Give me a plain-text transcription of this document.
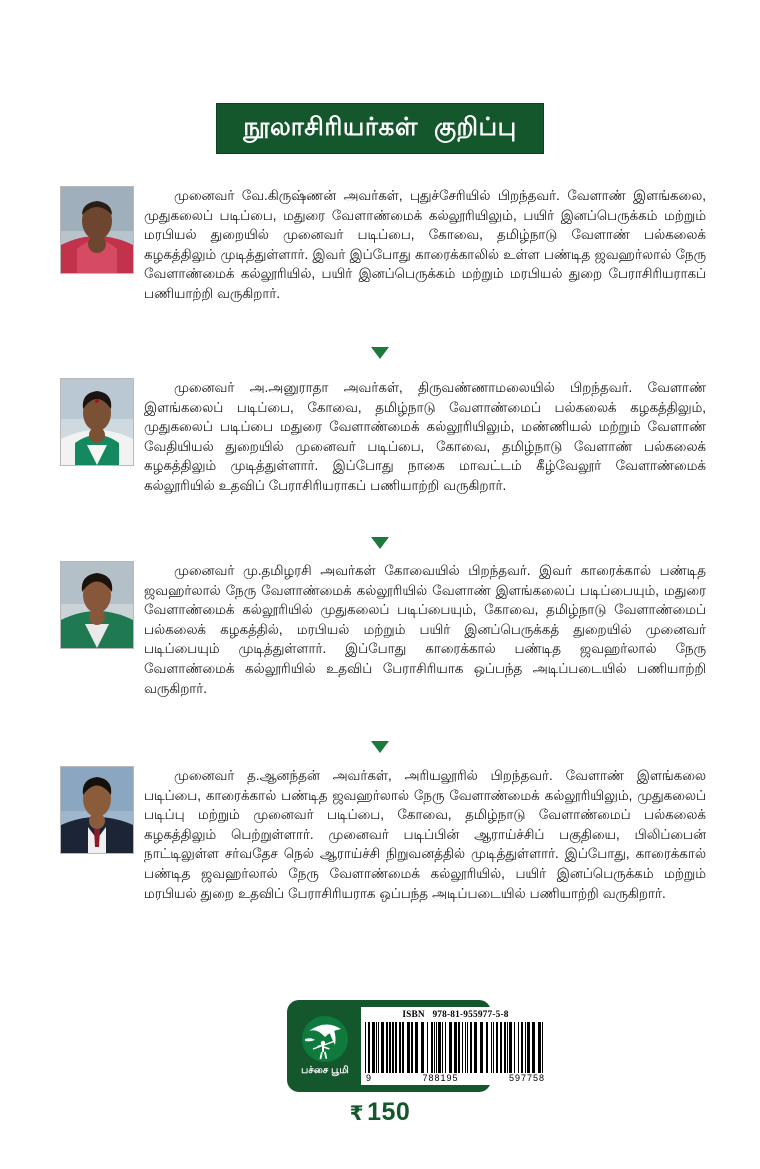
நூலாசிரியர்கள் குறிப்பு
முனைவர் வே.கிருஷ்ணன் அவர்கள், புதுச்சேரியில் பிறந்தவர். வேளாண் இளங்கலை, முதுகலைப் படிப்பை, மதுரை வேளாண்மைக் கல்லூரியிலும், பயிர் இனப்பெருக்கம் மற்றும் மரபியல் துறையில் முனைவர் படிப்பை, கோவை, தமிழ்நாடு வேளாண் பல்கலைக் கழகத்திலும் முடித்துள்ளார். இவர் இப்போது காரைக்காலில் உள்ள பண்டித ஜவஹர்லால் நேரு வேளாண்மைக் கல்லூரியில், பயிர் இனப்பெருக்கம் மற்றும் மரபியல் துறை பேராசிரியராகப் பணியாற்றி வருகிறார்.
முனைவர் அ.அனுராதா அவர்கள், திருவண்ணாமலையில் பிறந்தவர். வேளாண் இளங்கலைப் படிப்பை, கோவை, தமிழ்நாடு வேளாண்மைப் பல்கலைக் கழகத்திலும், முதுகலைப் படிப்பை மதுரை வேளாண்மைக் கல்லூரியிலும், மண்ணியல் மற்றும் வேளாண் வேதியியல் துறையில் முனைவர் படிப்பை, கோவை, தமிழ்நாடு வேளாண் பல்கலைக் கழகத்திலும் முடித்துள்ளார். இப்போது நாகை மாவட்டம் கீழ்வேலூர் வேளாண்மைக் கல்லூரியில் உதவிப் பேராசிரியராகப் பணியாற்றி வருகிறார்.
முனைவர் மு.தமிழரசி அவர்கள் கோவையில் பிறந்தவர். இவர் காரைக்கால் பண்டித ஜவஹர்லால் நேரு வேளாண்மைக் கல்லூரியில் வேளாண் இளங்கலைப் படிப்பையும், மதுரை வேளாண்மைக் கல்லூரியில் முதுகலைப் படிப்பையும், கோவை, தமிழ்நாடு வேளாண்மைப் பல்கலைக் கழகத்தில், மரபியல் மற்றும் பயிர் இனப்பெருக்கத் துறையில் முனைவர் படிப்பையும் முடித்துள்ளார். இப்போது காரைக்கால் பண்டித ஜவஹர்லால் நேரு வேளாண்மைக் கல்லூரியில் உதவிப் பேராசிரியாக ஒப்பந்த அடிப்படையில் பணியாற்றி வருகிறார்.
முனைவர் த.ஆனந்தன் அவர்கள், அரியலூரில் பிறந்தவர். வேளாண் இளங்கலை படிப்பை, காரைக்கால் பண்டித ஜவஹர்லால் நேரு வேளாண்மைக் கல்லூரியிலும், முதுகலைப் படிப்பு மற்றும் முனைவர் படிப்பை, கோவை, தமிழ்நாடு வேளாண்மைப் பல்கலைக் கழகத்திலும் பெற்றுள்ளார். முனைவர் படிப்பின் ஆராய்ச்சிப் பகுதியை, பிலிப்பைன் நாட்டிலுள்ள சர்வதேச நெல் ஆராய்ச்சி நிறுவனத்தில் முடித்துள்ளார். இப்போது, காரைக்கால் பண்டித ஜவஹர்லால் நேரு வேளாண்மைக் கல்லூரியில், பயிர் இனப்பெருக்கம் மற்றும் மரபியல் துறை உதவிப் பேராசிரியராக ஒப்பந்த அடிப்படையில் பணியாற்றி வருகிறார்.
பச்சை பூமி
ISBN 978-81-955977-5-8
9	788195	597758
₹ 150
